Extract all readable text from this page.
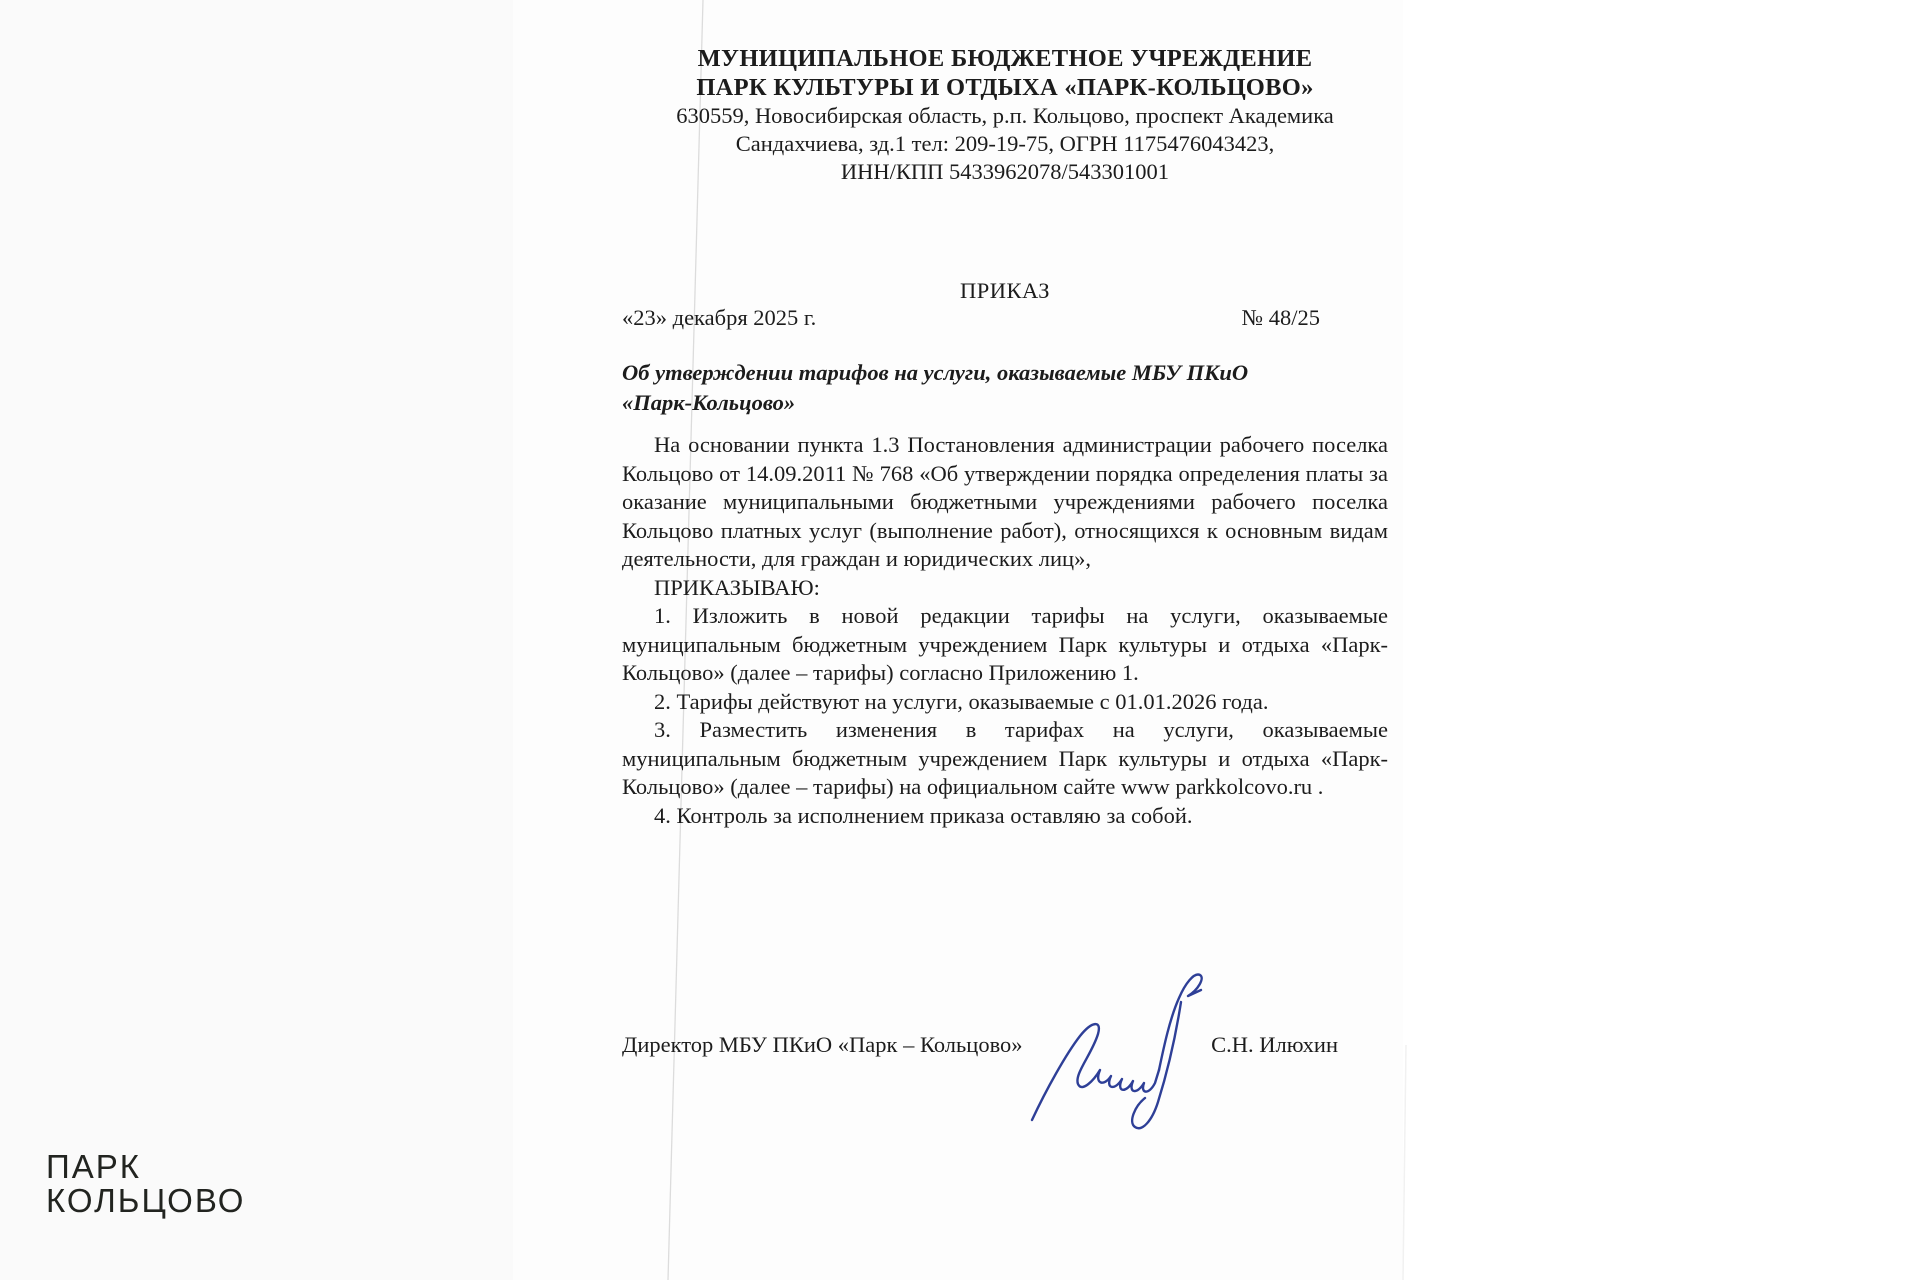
МУНИЦИПАЛЬНОЕ БЮДЖЕТНОЕ УЧРЕЖДЕНИЕ
ПАРК КУЛЬТУРЫ И ОТДЫХА «ПАРК-КОЛЬЦОВО»
630559, Новосибирская область, р.п. Кольцово, проспект Академика
Сандахчиева, зд.1 тел: 209-19-75, ОГРН 1175476043423,
ИНН/КПП 5433962078/543301001
ПРИКАЗ
«23» декабря 2025 г.	№ 48/25
Об утверждении тарифов на услуги, оказываемые МБУ ПКиО «Парк-Кольцово»

На основании пункта 1.3 Постановления администрации рабочего поселка Кольцово от 14.09.2011 № 768 «Об утверждении порядка определения платы за оказание муниципальными бюджетными учреждениями рабочего поселка Кольцово платных услуг (выполнение работ), относящихся к основным видам деятельности, для граждан и юридических лиц»,

ПРИКАЗЫВАЮ:

1. Изложить в новой редакции тарифы на услуги, оказываемые муниципальным бюджетным учреждением Парк культуры и отдыха «Парк-Кольцово» (далее – тарифы) согласно Приложению 1.

2. Тарифы действуют на услуги, оказываемые с 01.01.2026 года.

3. Разместить изменения в тарифах на услуги, оказываемые муниципальным бюджетным учреждением Парк культуры и отдыха «Парк-Кольцово» (далее – тарифы) на официальном сайте www parkkolcovo.ru .

4. Контроль за исполнением приказа оставляю за собой.

Директор МБУ ПКиО «Парк – Кольцово»	С.Н. Илюхин
ПАРК
КОЛЬЦОВО
